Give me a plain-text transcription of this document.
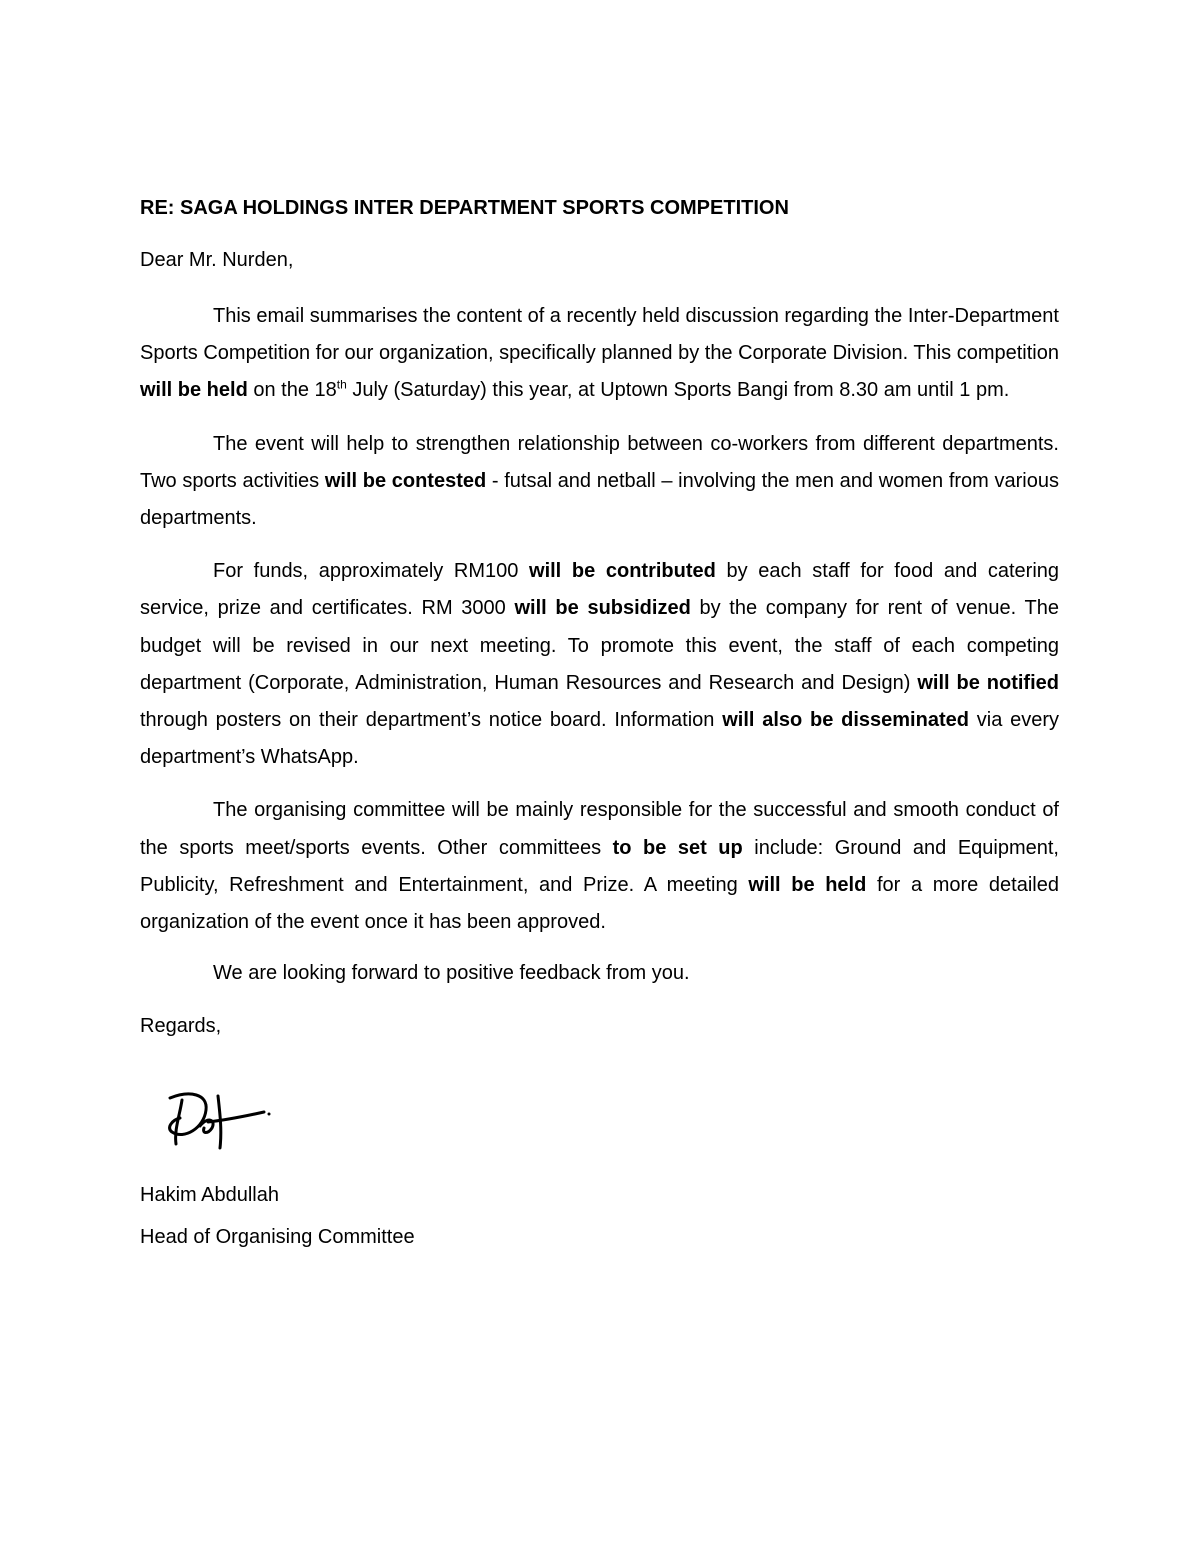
RE: SAGA HOLDINGS INTER DEPARTMENT SPORTS COMPETITION
Dear Mr. Nurden,

This email summarises the content of a recently held discussion regarding the Inter-Department Sports Competition for our organization, specifically planned by the Corporate Division. This competition will be held on the 18th July (Saturday) this year, at Uptown Sports Bangi from 8.30 am until 1 pm.

The event will help to strengthen relationship between co-workers from different departments. Two sports activities will be contested - futsal and netball – involving the men and women from various departments.

For funds, approximately RM100 will be contributed by each staff for food and catering service, prize and certificates. RM 3000 will be subsidized by the company for rent of venue. The budget will be revised in our next meeting. To promote this event, the staff of each competing department (Corporate, Administration, Human Resources and Research and Design) will be notified through posters on their department’s notice board. Information will also be disseminated via every department’s WhatsApp.

The organising committee will be mainly responsible for the successful and smooth conduct of the sports meet/sports events. Other committees to be set up include: Ground and Equipment, Publicity, Refreshment and Entertainment, and Prize. A meeting will be held for a more detailed organization of the event once it has been approved.

We are looking forward to positive feedback from you.
Regards,
Hakim Abdullah
Head of Organising Committee
